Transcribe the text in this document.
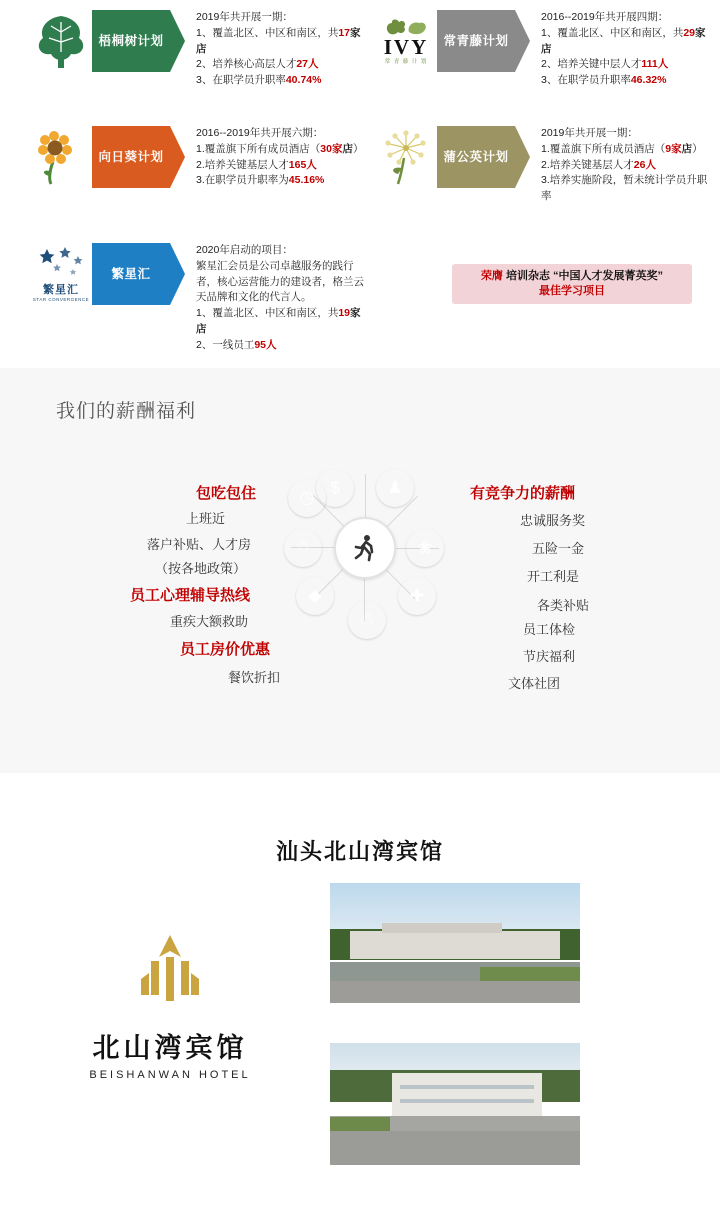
梧桐树计划
2019年共开展一期：
1、覆盖北区、中区和南区，共17家店
2、培养核心高层人才27人
3、在职学员升职率40.74%
IVY
常 青 藤 计 划
常青藤计划
2016--2019年共开展四期：
1、覆盖北区、中区和南区，共29家店
2、培养关键中层人才111人
3、在职学员升职率46.32%
向日葵计划
2016--2019年共开展六期：
1.覆盖旗下所有成员酒店（30家店）
2.培养关键基层人才165人
3.在职学员升职率为45.16%
蒲公英计划
2019年共开展一期：
1.覆盖旗下所有成员酒店（9家店）
2.培养关键基层人才26人
3.培养实施阶段，暂未统计学员升职率
繁星汇
STAR CONVERGENCE
繁星汇
2020年启动的项目：
繁星汇会员是公司卓越服务的践行者，核心运营能力的建设者，格兰云天品牌和文化的代言人。
1、覆盖北区、中区和南区，共19家店
2、一线员工95人
荣膺 培训杂志 “中国人才发展菁英奖”
最佳学习项目
我们的薪酬福利
包吃包住
上班近
落户补贴、人才房
（按各地政策）
员工心理辅导热线
重疾大额救助
员工房价优惠
餐饮折扣
有竞争力的薪酬
忠诚服务奖
五险一金
开工利是
各类补贴
员工体检
节庆福利
文体社团
$	♟
❀
✚
☃
◆
☃
◷
汕头北山湾宾馆
北山湾宾馆
BEISHANWAN HOTEL
